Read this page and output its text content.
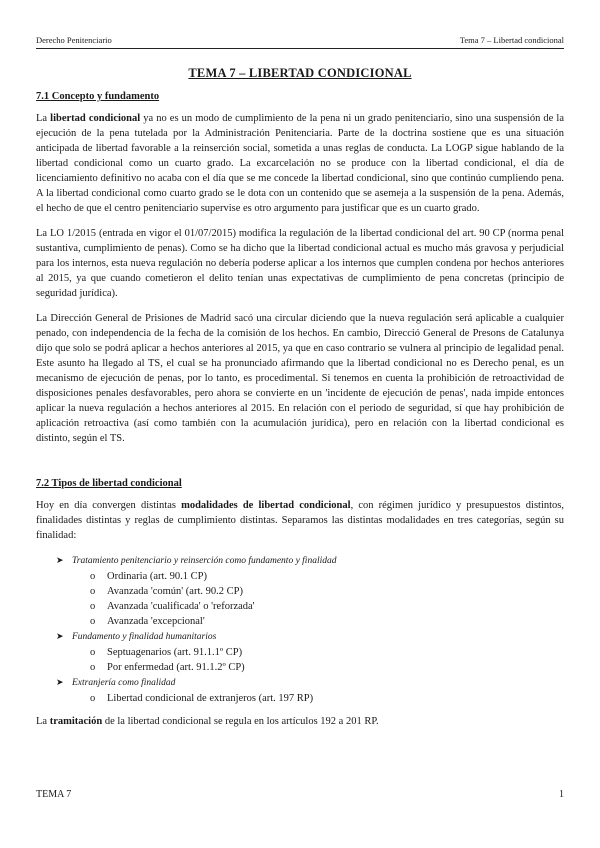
Derecho Penitenciario	Tema 7 – Libertad condicional
TEMA 7 – LIBERTAD CONDICIONAL
7.1 Concepto y fundamento

La libertad condicional ya no es un modo de cumplimiento de la pena ni un grado penitenciario, sino una suspensión de la ejecución de la pena tutelada por la Administración Penitenciaria. Parte de la doctrina sostiene que es una situación anticipada de libertad favorable a la reinserción social, sometida a unas reglas de conducta. La LOGP sigue hablando de la libertad condicional como un cuarto grado. La excarcelación no se produce con la libertad condicional, el día de licenciamiento definitivo no acaba con el día que se me concede la libertad condicional, sino que continúo cumpliendo pena. A la libertad condicional como cuarto grado se le dota con un contenido que se asemeja a la suspensión de la pena. Además, el hecho de que el centro penitenciario supervise es otro argumento para justificar que es un cuarto grado.

La LO 1/2015 (entrada en vigor el 01/07/2015) modifica la regulación de la libertad condicional del art. 90 CP (norma penal sustantiva, cumplimiento de penas). Como se ha dicho que la libertad condicional actual es mucho más gravosa y perjudicial para los internos, esta nueva regulación no debería poderse aplicar a los internos que cumplen condena por hechos anteriores al 2015, ya que cuando cometieron el delito tenían unas expectativas de cumplimiento de pena concretas (principio de seguridad jurídica).

La Dirección General de Prisiones de Madrid sacó una circular diciendo que la nueva regulación será aplicable a cualquier penado, con independencia de la fecha de la comisión de los hechos. En cambio, Direcció General de Presons de Catalunya dijo que solo se podrá aplicar a hechos anteriores al 2015, ya que en caso contrario se vulnera al principio de legalidad penal. Este asunto ha llegado al TS, el cual se ha pronunciado afirmando que la libertad condicional no es Derecho penal, es un mecanismo de ejecución de penas, por lo tanto, es procedimental. Si tenemos en cuenta la prohibición de retroactividad de disposiciones penales desfavorables, pero ahora se convierte en un 'incidente de ejecución de penas', nada impide entonces aplicar la nueva regulación a hechos anteriores al 2015. En relación con el periodo de seguridad, sí que hay prohibición de aplicación retroactiva (así como también con la acumulación jurídica), pero en relación con la libertad condicional es distinto, según el TS.

7.2 Tipos de libertad condicional

Hoy en día convergen distintas modalidades de libertad condicional, con régimen jurídico y presupuestos distintos, finalidades distintas y reglas de cumplimiento distintas. Separamos las distintas modalidades en tres categorías, según su finalidad:

➤ Tratamiento penitenciario y reinserción como fundamento y finalidad
o Ordinaria (art. 90.1 CP)
o Avanzada 'común' (art. 90.2 CP)
o Avanzada 'cualificada' o 'reforzada'
o Avanzada 'excepcional'
➤ Fundamento y finalidad humanitarios
o Septuagenarios (art. 91.1.1º CP)
o Por enfermedad (art. 91.1.2º CP)
➤ Extranjería como finalidad
o Libertad condicional de extranjeros (art. 197 RP)

La tramitación de la libertad condicional se regula en los artículos 192 a 201 RP.

TEMA 7	1
